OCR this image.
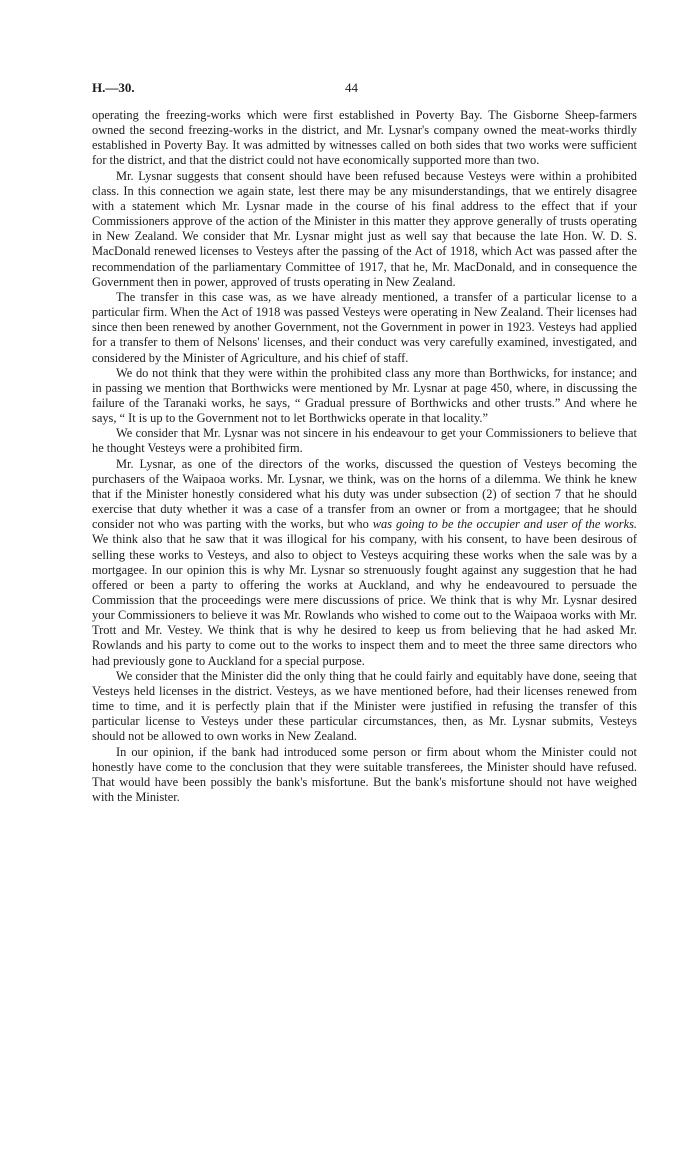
H.—30.	44

operating the freezing-works which were first established in Poverty Bay. The Gisborne Sheep-farmers owned the second freezing-works in the district, and Mr. Lysnar's company owned the meat-works thirdly established in Poverty Bay. It was admitted by witnesses called on both sides that two works were sufficient for the district, and that the district could not have economically supported more than two.

Mr. Lysnar suggests that consent should have been refused because Vesteys were within a prohibited class. In this connection we again state, lest there may be any misunderstandings, that we entirely disagree with a statement which Mr. Lysnar made in the course of his final address to the effect that if your Commissioners approve of the action of the Minister in this matter they approve generally of trusts operating in New Zealand. We consider that Mr. Lysnar might just as well say that because the late Hon. W. D. S. MacDonald renewed licenses to Vesteys after the passing of the Act of 1918, which Act was passed after the recommendation of the parliamentary Committee of 1917, that he, Mr. MacDonald, and in consequence the Government then in power, approved of trusts operating in New Zealand.

The transfer in this case was, as we have already mentioned, a transfer of a particular license to a particular firm. When the Act of 1918 was passed Vesteys were operating in New Zealand. Their licenses had since then been renewed by another Government, not the Government in power in 1923. Vesteys had applied for a transfer to them of Nelsons' licenses, and their conduct was very carefully examined, investigated, and considered by the Minister of Agriculture, and his chief of staff.

We do not think that they were within the prohibited class any more than Borthwicks, for instance; and in passing we mention that Borthwicks were mentioned by Mr. Lysnar at page 450, where, in discussing the failure of the Taranaki works, he says, “ Gradual pressure of Borthwicks and other trusts.” And where he says, “ It is up to the Government not to let Borthwicks operate in that locality.”

We consider that Mr. Lysnar was not sincere in his endeavour to get your Commissioners to believe that he thought Vesteys were a prohibited firm.

Mr. Lysnar, as one of the directors of the works, discussed the question of Vesteys becoming the purchasers of the Waipaoa works. Mr. Lysnar, we think, was on the horns of a dilemma. We think he knew that if the Minister honestly considered what his duty was under subsection (2) of section 7 that he should exercise that duty whether it was a case of a transfer from an owner or from a mortgagee; that he should consider not who was parting with the works, but who was going to be the occupier and user of the works. We think also that he saw that it was illogical for his company, with his consent, to have been desirous of selling these works to Vesteys, and also to object to Vesteys acquiring these works when the sale was by a mortgagee. In our opinion this is why Mr. Lysnar so strenuously fought against any suggestion that he had offered or been a party to offering the works at Auckland, and why he endeavoured to persuade the Commission that the proceedings were mere discussions of price. We think that is why Mr. Lysnar desired your Commissioners to believe it was Mr. Rowlands who wished to come out to the Waipaoa works with Mr. Trott and Mr. Vestey. We think that is why he desired to keep us from believing that he had asked Mr. Rowlands and his party to come out to the works to inspect them and to meet the three same directors who had previously gone to Auckland for a special purpose.

We consider that the Minister did the only thing that he could fairly and equitably have done, seeing that Vesteys held licenses in the district. Vesteys, as we have mentioned before, had their licenses renewed from time to time, and it is perfectly plain that if the Minister were justified in refusing the transfer of this particular license to Vesteys under these particular circumstances, then, as Mr. Lysnar submits, Vesteys should not be allowed to own works in New Zealand.

In our opinion, if the bank had introduced some person or firm about whom the Minister could not honestly have come to the conclusion that they were suitable transferees, the Minister should have refused. That would have been possibly the bank's misfortune. But the bank's misfortune should not have weighed with the Minister.
